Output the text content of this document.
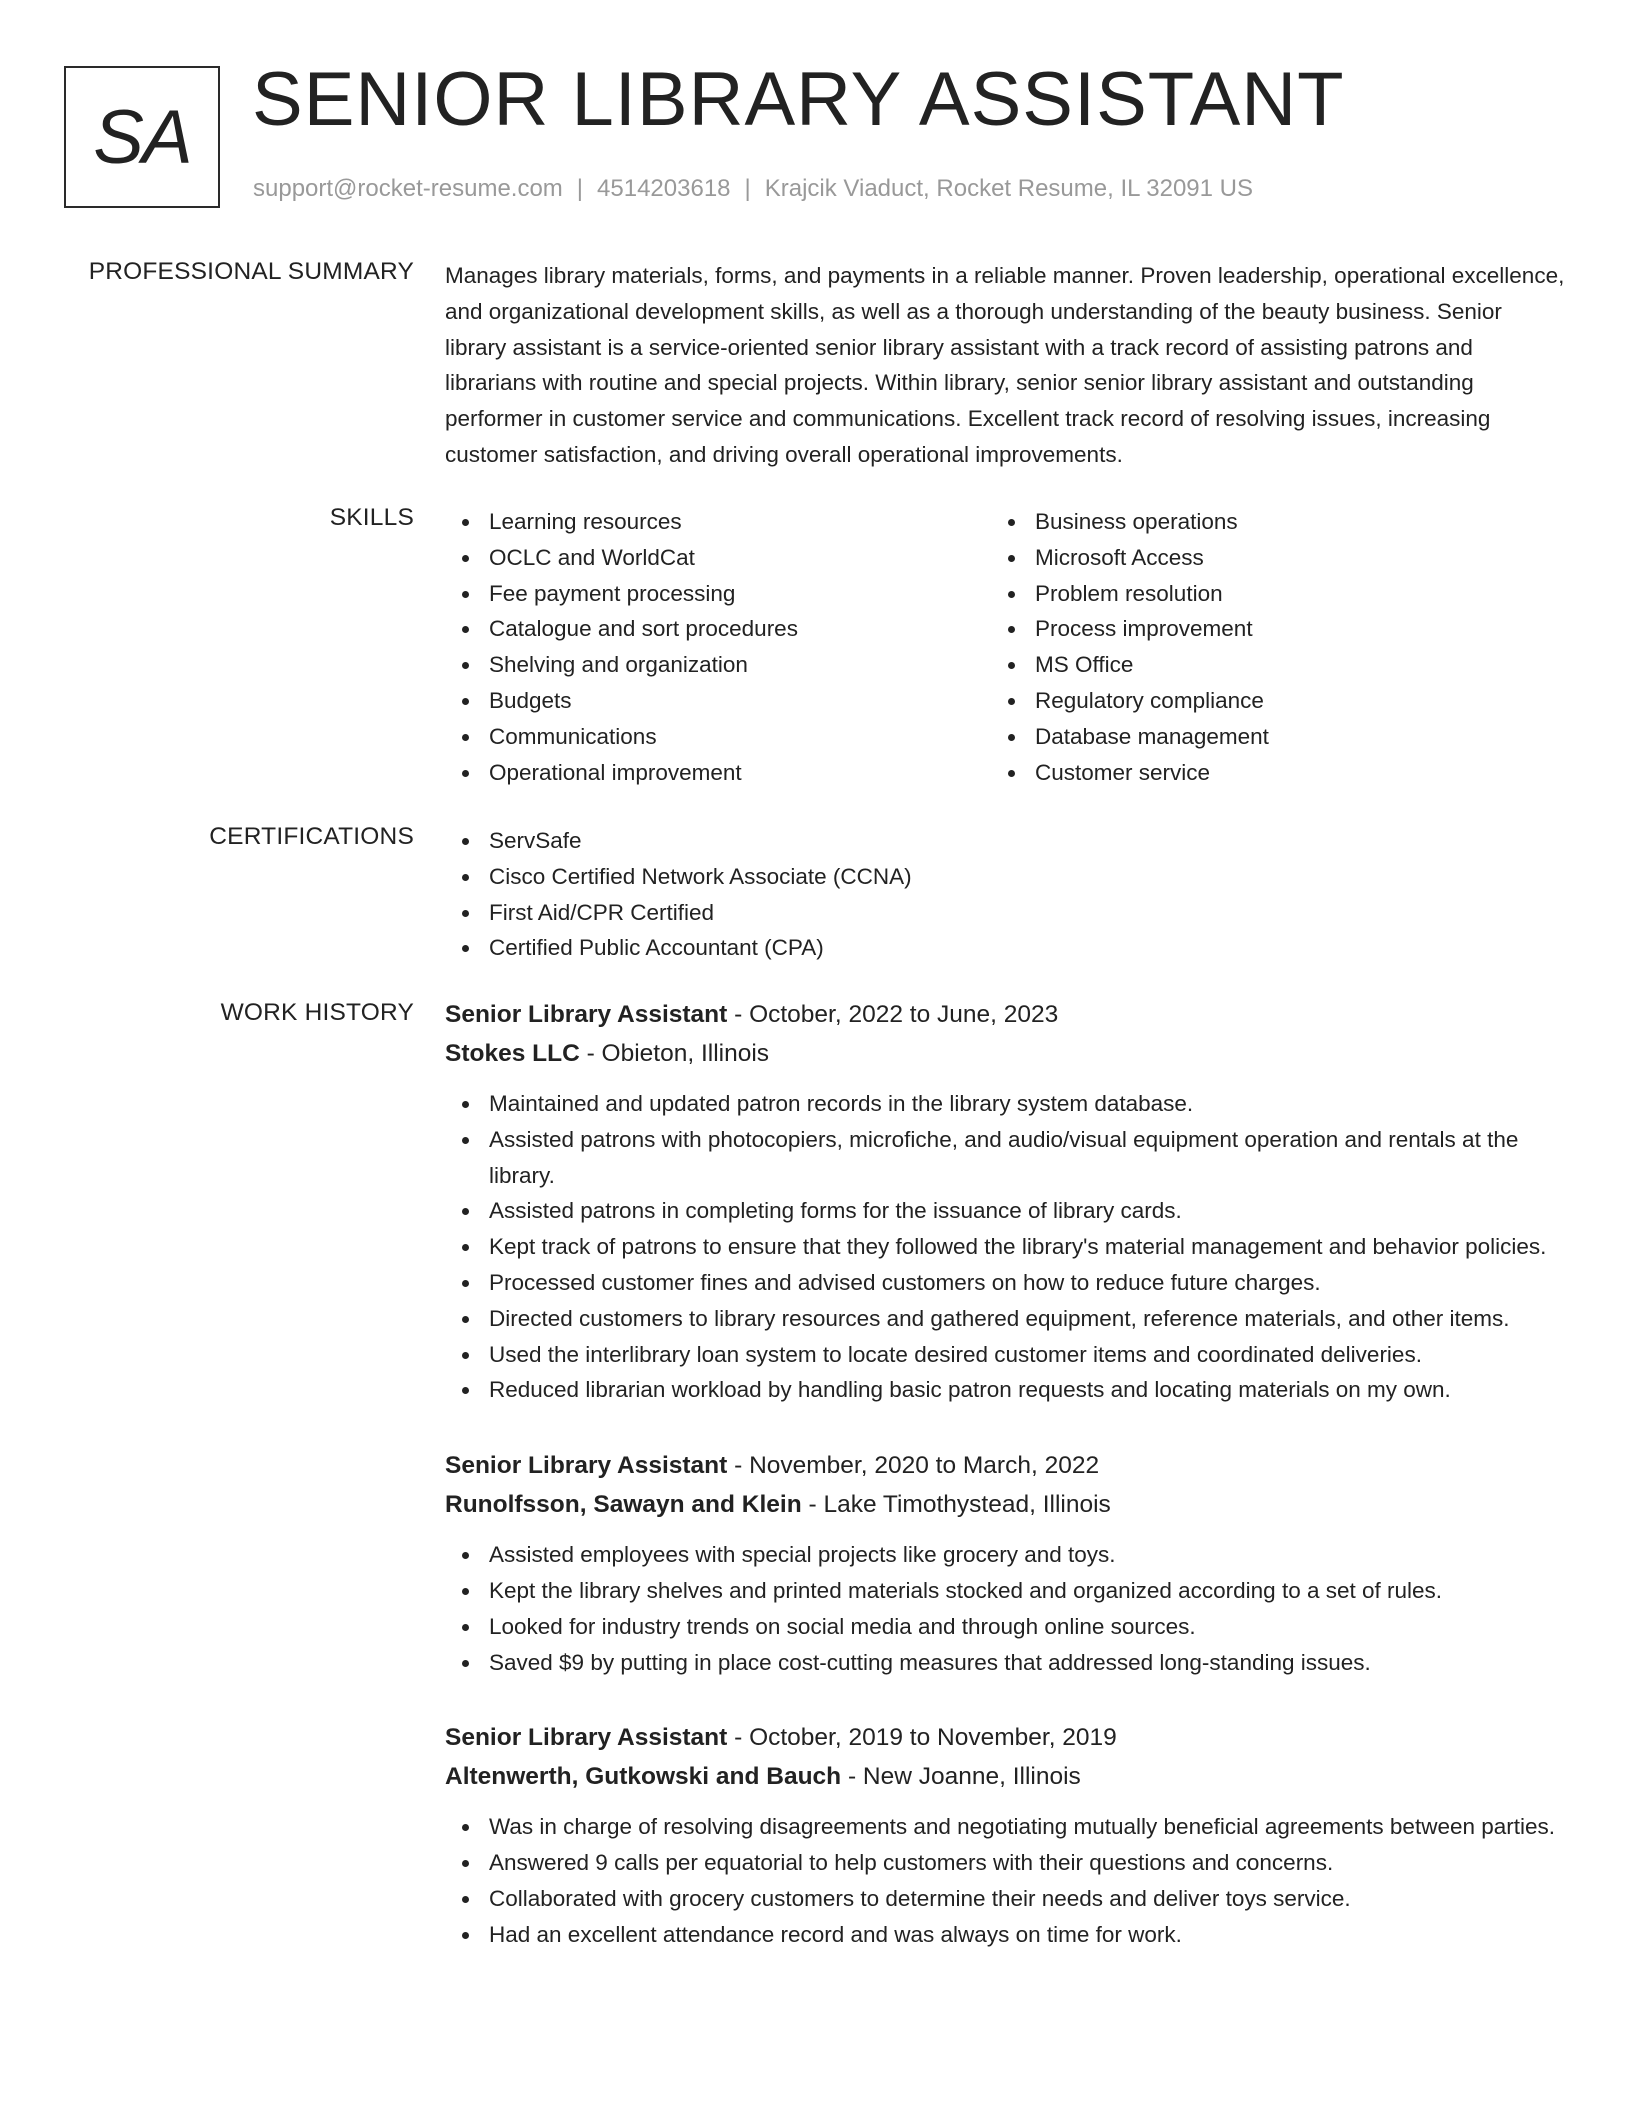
SA SENIOR LIBRARY ASSISTANT
support@rocket-resume.com | 4514203618 | Krajcik Viaduct, Rocket Resume, IL 32091 US
PROFESSIONAL SUMMARY Manages library materials, forms, and payments in a reliable manner. Proven leadership, operational excellence, and organizational development skills, as well as a thorough understanding of the beauty business. Senior library assistant is a service-oriented senior library assistant with a track record of assisting patrons and librarians with routine and special projects. Within library, senior senior library assistant and outstanding performer in customer service and communications. Excellent track record of resolving issues, increasing customer satisfaction, and driving overall operational improvements.
SKILLS	Learning resources
OCLC and WorldCat
Fee payment processing
Catalogue and sort procedures
Shelving and organization
Budgets
Communications
Operational improvement
Business operations
Microsoft Access
Problem resolution
Process improvement
MS Office
Regulatory compliance
Database management
Customer service
CERTIFICATIONS	ServSafe
Cisco Certified Network Associate (CCNA)
First Aid/CPR Certified
Certified Public Accountant (CPA)
WORK HISTORY Senior Library Assistant - October, 2022 to June, 2023
Stokes LLC - Obieton, Illinois
Maintained and updated patron records in the library system database.
Assisted patrons with photocopiers, microfiche, and audio/visual equipment operation and rentals at the library.
Assisted patrons in completing forms for the issuance of library cards.
Kept track of patrons to ensure that they followed the library's material management and behavior policies.
Processed customer fines and advised customers on how to reduce future charges.
Directed customers to library resources and gathered equipment, reference materials, and other items.
Used the interlibrary loan system to locate desired customer items and coordinated deliveries.
Reduced librarian workload by handling basic patron requests and locating materials on my own.
Senior Library Assistant - November, 2020 to March, 2022
Runolfsson, Sawayn and Klein - Lake Timothystead, Illinois
Assisted employees with special projects like grocery and toys.
Kept the library shelves and printed materials stocked and organized according to a set of rules.
Looked for industry trends on social media and through online sources.
Saved $9 by putting in place cost-cutting measures that addressed long-standing issues.
Senior Library Assistant - October, 2019 to November, 2019
Altenwerth, Gutkowski and Bauch - New Joanne, Illinois
Was in charge of resolving disagreements and negotiating mutually beneficial agreements between parties.
Answered 9 calls per equatorial to help customers with their questions and concerns.
Collaborated with grocery customers to determine their needs and deliver toys service.
Had an excellent attendance record and was always on time for work.
